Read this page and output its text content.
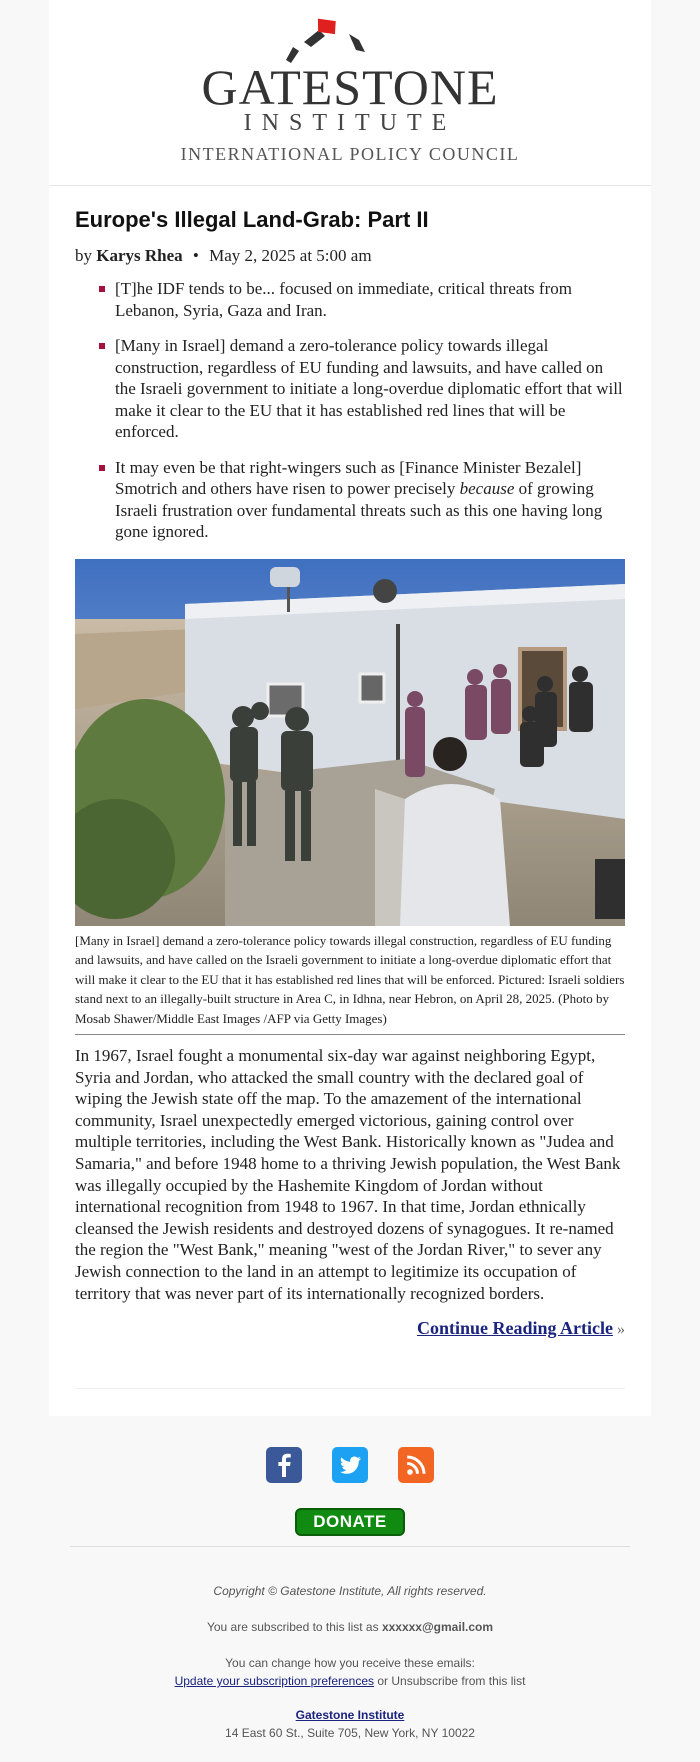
GATESTONE
INSTITUTE
INTERNATIONAL POLICY COUNCIL
Europe's Illegal Land-Grab: Part II
by Karys Rhea • May 2, 2025 at 5:00 am
[T]he IDF tends to be... focused on immediate, critical threats from Lebanon, Syria, Gaza and Iran.
[Many in Israel] demand a zero-tolerance policy towards illegal construction, regardless of EU funding and lawsuits, and have called on the Israeli government to initiate a long-overdue diplomatic effort that will make it clear to the EU that it has established red lines that will be enforced.
It may even be that right-wingers such as [Finance Minister Bezalel] Smotrich and others have risen to power precisely because of growing Israeli frustration over fundamental threats such as this one having long gone ignored.
[Many in Israel] demand a zero-tolerance policy towards illegal construction, regardless of EU funding and lawsuits, and have called on the Israeli government to initiate a long-overdue diplomatic effort that will make it clear to the EU that it has established red lines that will be enforced. Pictured: Israeli soldiers stand next to an illegally-built structure in Area C, in Idhna, near Hebron, on April 28, 2025. (Photo by Mosab Shawer/Middle East Images /AFP via Getty Images)
In 1967, Israel fought a monumental six-day war against neighboring Egypt, Syria and Jordan, who attacked the small country with the declared goal of wiping the Jewish state off the map. To the amazement of the international community, Israel unexpectedly emerged victorious, gaining control over multiple territories, including the West Bank. Historically known as "Judea and Samaria," and before 1948 home to a thriving Jewish population, the West Bank was illegally occupied by the Hashemite Kingdom of Jordan without international recognition from 1948 to 1967. In that time, Jordan ethnically cleansed the Jewish residents and destroyed dozens of synagogues. It re-named the region the "West Bank," meaning "west of the Jordan River," to sever any Jewish connection to the land in an attempt to legitimize its occupation of territory that was never part of its internationally recognized borders.
Continue Reading Article »
DONATE
Copyright © Gatestone Institute, All rights reserved.
You are subscribed to this list as xxxxxx@gmail.com
You can change how you receive these emails:
Update your subscription preferences or Unsubscribe from this list
Gatestone Institute
14 East 60 St., Suite 705, New York, NY 10022
